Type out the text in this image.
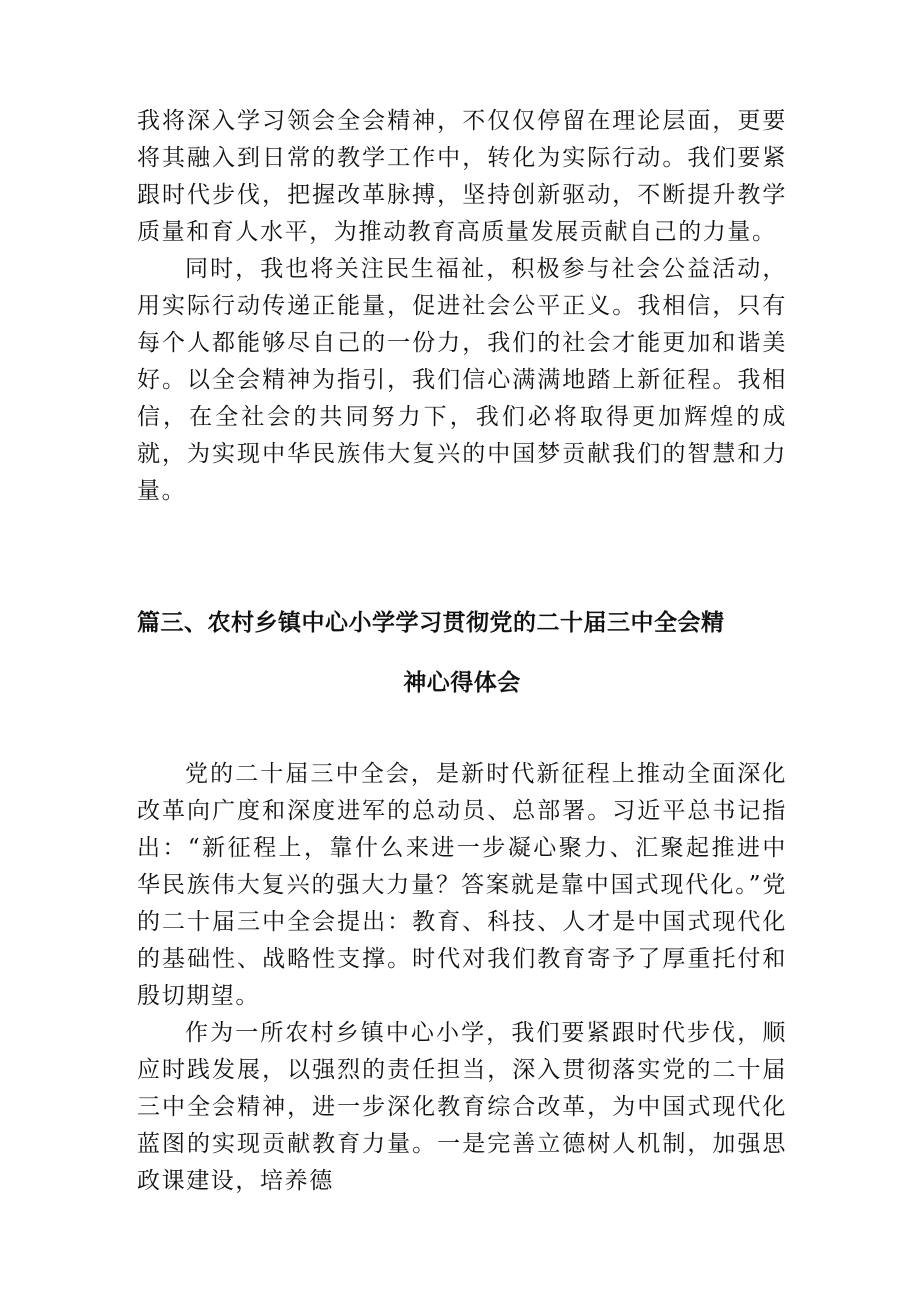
我将深入学习领会全会精神，不仅仅停留在理论层面，更要将其融入到日常的教学工作中，转化为实际行动。我们要紧跟时代步伐，把握改革脉搏，坚持创新驱动，不断提升教学质量和育人水平，为推动教育高质量发展贡献自己的力量。

同时，我也将关注民生福祉，积极参与社会公益活动，用实际行动传递正能量，促进社会公平正义。我相信，只有每个人都能够尽自己的一份力，我们的社会才能更加和谐美好。以全会精神为指引，我们信心满满地踏上新征程。我相信，在全社会的共同努力下，我们必将取得更加辉煌的成就，为实现中华民族伟大复兴的中国梦贡献我们的智慧和力量。

篇三、农村乡镇中心小学学习贯彻党的二十届三中全会精
神心得体会

党的二十届三中全会，是新时代新征程上推动全面深化改革向广度和深度进军的总动员、总部署。习近平总书记指出：“新征程上，靠什么来进一步凝心聚力、汇聚起推进中华民族伟大复兴的强大力量？答案就是靠中国式现代化。”党的二十届三中全会提出：教育、科技、人才是中国式现代化的基础性、战略性支撑。时代对我们教育寄予了厚重托付和殷切期望。

作为一所农村乡镇中心小学，我们要紧跟时代步伐，顺应时践发展，以强烈的责任担当，深入贯彻落实党的二十届三中全会精神，进一步深化教育综合改革，为中国式现代化蓝图的实现贡献教育力量。一是完善立德树人机制，加强思政课建设，培养德
